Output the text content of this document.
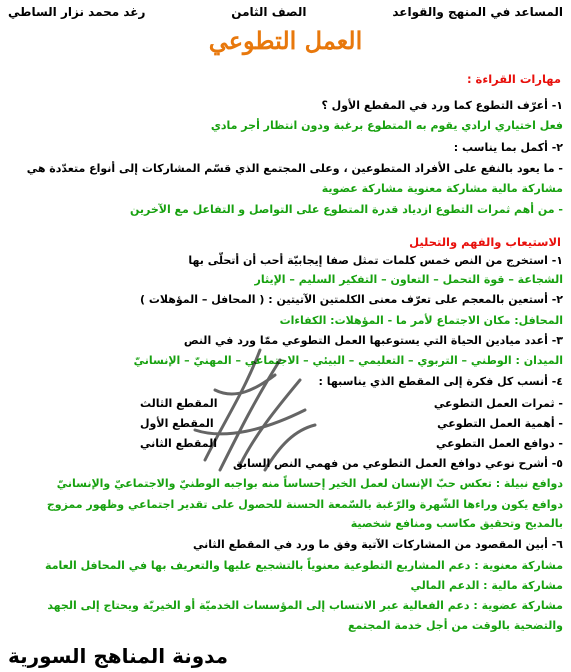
المساعد في المنهج والقواعد
الصف الثامن
رغد محمد نزار الساطي
العمل التطوعي
مهارات القراءة :
١- أعرّف التطوع كما ورد في المقطع الأول ؟
فعل اختياري ارادي يقوم به المتطوع برغبة ودون انتظار أجر مادي
٢- أكمل بما يناسب :
- ما يعود بالنفع على الأفراد المتطوعين ، وعلى المجتمع الذي قسّم المشاركات إلى أنواع متعدّدة هي
مشاركة مالية مشاركة معنوية مشاركة عضوية
- من أهم ثمرات التطوع ازدياد قدرة المتطوع على التواصل و التفاعل مع الآخرين
الاستيعاب والفهم والتحليل
١- استخرج من النص خمس كلمات تمثل صفا إيجابيّة أحب أن أتحلّى بها
الشجاعة – قوة التحمل – التعاون – التفكير السليم – الإيثار
٢- أستعين بالمعجم على تعرّف معنى الكلمتين الآتيتين : ( المحافل – المؤهلات )
المحافل: مكان الاجتماع لأمر ما - المؤهلات: الكفاءات
٣- أعدد ميادين الحياة التي يستوعبها العمل التطوعي ممّا ورد في النص
الميدان : الوطني – التربوي – التعليمي – البيئي – الاجتماعي – المهنيّ – الإنسانيّ
٤- أنسب كل فكرة إلى المقطع الذي يناسبها :
- ثمرات العمل التطوعي
المقطع الثالث
- أهمية العمل التطوعي
المقطع الأول
- دوافع العمل التطوعي
المقطع الثاني
٥- أشرح نوعي دوافع العمل التطوعي من فهمي النص السابق
دوافع نبيلة : تعكس حبّ الإنسان لعمل الخير إحساساً منه بواجبه الوطنيّ والاجتماعيّ والإنسانيّ
دوافع يكون وراءها الشّهرة والرّغبة بالسّمعة الحسنة للحصول على تقدير اجتماعي وظهور ممزوج
بالمديح وتحقيق مكاسب ومنافع شخصية
٦- أبين المقصود من المشاركات الآتية وفق ما ورد في المقطع الثاني
مشاركة معنوية : دعم المشاريع التطوعية معنوياً بالتشجيع عليها والتعريف بها في المحافل العامة
مشاركة مالية : الدعم المالي
مشاركة عضوية : دعم الفعالية عبر الانتساب إلى المؤسسات الخدميّة أو الخيريّة ويحتاج إلى الجهد
والتضحية بالوقت من أجل خدمة المجتمع
مدونة المناهج السورية
